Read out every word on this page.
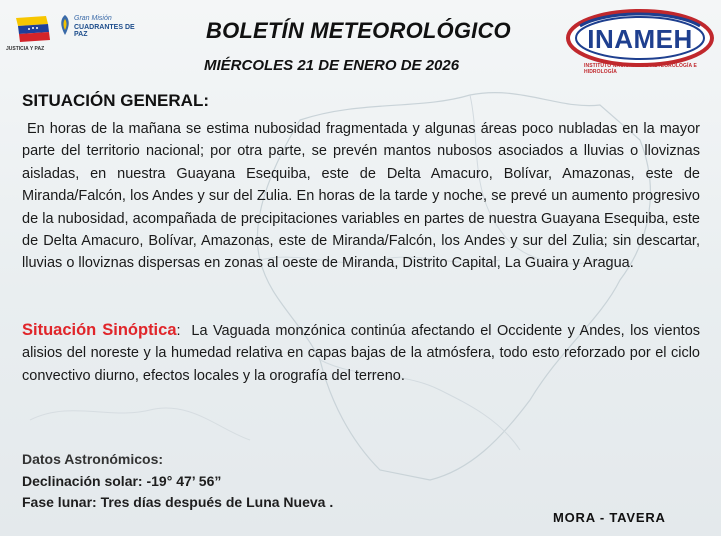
JUSTICIA Y PAZ
Gran Misión
CUADRANTES DE PAZ	BOLETÍN METEOROLÓGICO
MIÉRCOLES 21 DE ENERO DE 2026
INAMEH
INSTITUTO NACIONAL DE METEOROLOGÍA E HIDROLOGÍA
SITUACIÓN GENERAL:
En horas de la mañana se estima nubosidad fragmentada y algunas áreas poco nubladas en la mayor parte del territorio nacional; por otra parte, se prevén mantos nubosos asociados a lluvias o lloviznas aisladas, en nuestra Guayana Esequiba, este de Delta Amacuro, Bolívar, Amazonas, este de Miranda/Falcón, los Andes y sur del Zulia. En horas de la tarde y noche, se prevé un aumento progresivo de la nubosidad, acompañada de precipitaciones variables en partes de nuestra Guayana Esequiba, este de Delta Amacuro, Bolívar, Amazonas, este de Miranda/Falcón, los Andes y sur del Zulia; sin descartar, lluvias o lloviznas dispersas en zonas al oeste de Miranda, Distrito Capital, La Guaira y Aragua.
Situación Sinóptica: La Vaguada monzónica continúa afectando el Occidente y Andes, los vientos alisios del noreste y la humedad relativa en capas bajas de la atmósfera, todo esto reforzado por el ciclo convectivo diurno, efectos locales y la orografía del terreno.
Datos Astronómicos:
Declinación solar: -19° 47’ 56”
Fase lunar: Tres días después de Luna Nueva .
MORA - TAVERA
